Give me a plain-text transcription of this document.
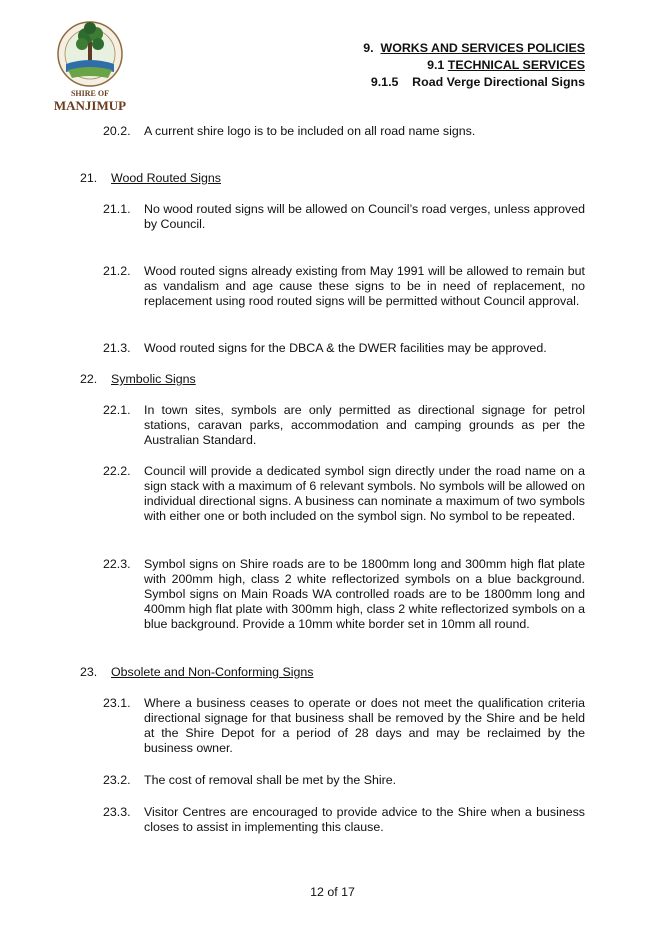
SHIRE OF
MANJIMUP
9. WORKS AND SERVICES POLICIES
9.1 TECHNICAL SERVICES
9.1.5    Road Verge Directional Signs
20.2. A current shire logo is to be included on all road name signs.
21. Wood Routed Signs
21.1. No wood routed signs will be allowed on Council’s road verges, unless approved by Council.
21.2. Wood routed signs already existing from May 1991 will be allowed to remain but as vandalism and age cause these signs to be in need of replacement, no replacement using rood routed signs will be permitted without Council approval.
21.3. Wood routed signs for the DBCA & the DWER facilities may be approved.
22. Symbolic Signs
22.1. In town sites, symbols are only permitted as directional signage for petrol stations, caravan parks, accommodation and camping grounds as per the Australian Standard.
22.2. Council will provide a dedicated symbol sign directly under the road name on a sign stack with a maximum of 6 relevant symbols. No symbols will be allowed on individual directional signs. A business can nominate a maximum of two symbols with either one or both included on the symbol sign. No symbol to be repeated.
22.3. Symbol signs on Shire roads are to be 1800mm long and 300mm high flat plate with 200mm high, class 2 white reflectorized symbols on a blue background. Symbol signs on Main Roads WA controlled roads are to be 1800mm long and 400mm high flat plate with 300mm high, class 2 white reflectorized symbols on a blue background. Provide a 10mm white border set in 10mm all round.
23. Obsolete and Non-Conforming Signs
23.1. Where a business ceases to operate or does not meet the qualification criteria directional signage for that business shall be removed by the Shire and be held at the Shire Depot for a period of 28 days and may be reclaimed by the business owner.
23.2. The cost of removal shall be met by the Shire.
23.3. Visitor Centres are encouraged to provide advice to the Shire when a business closes to assist in implementing this clause.
12 of 17
